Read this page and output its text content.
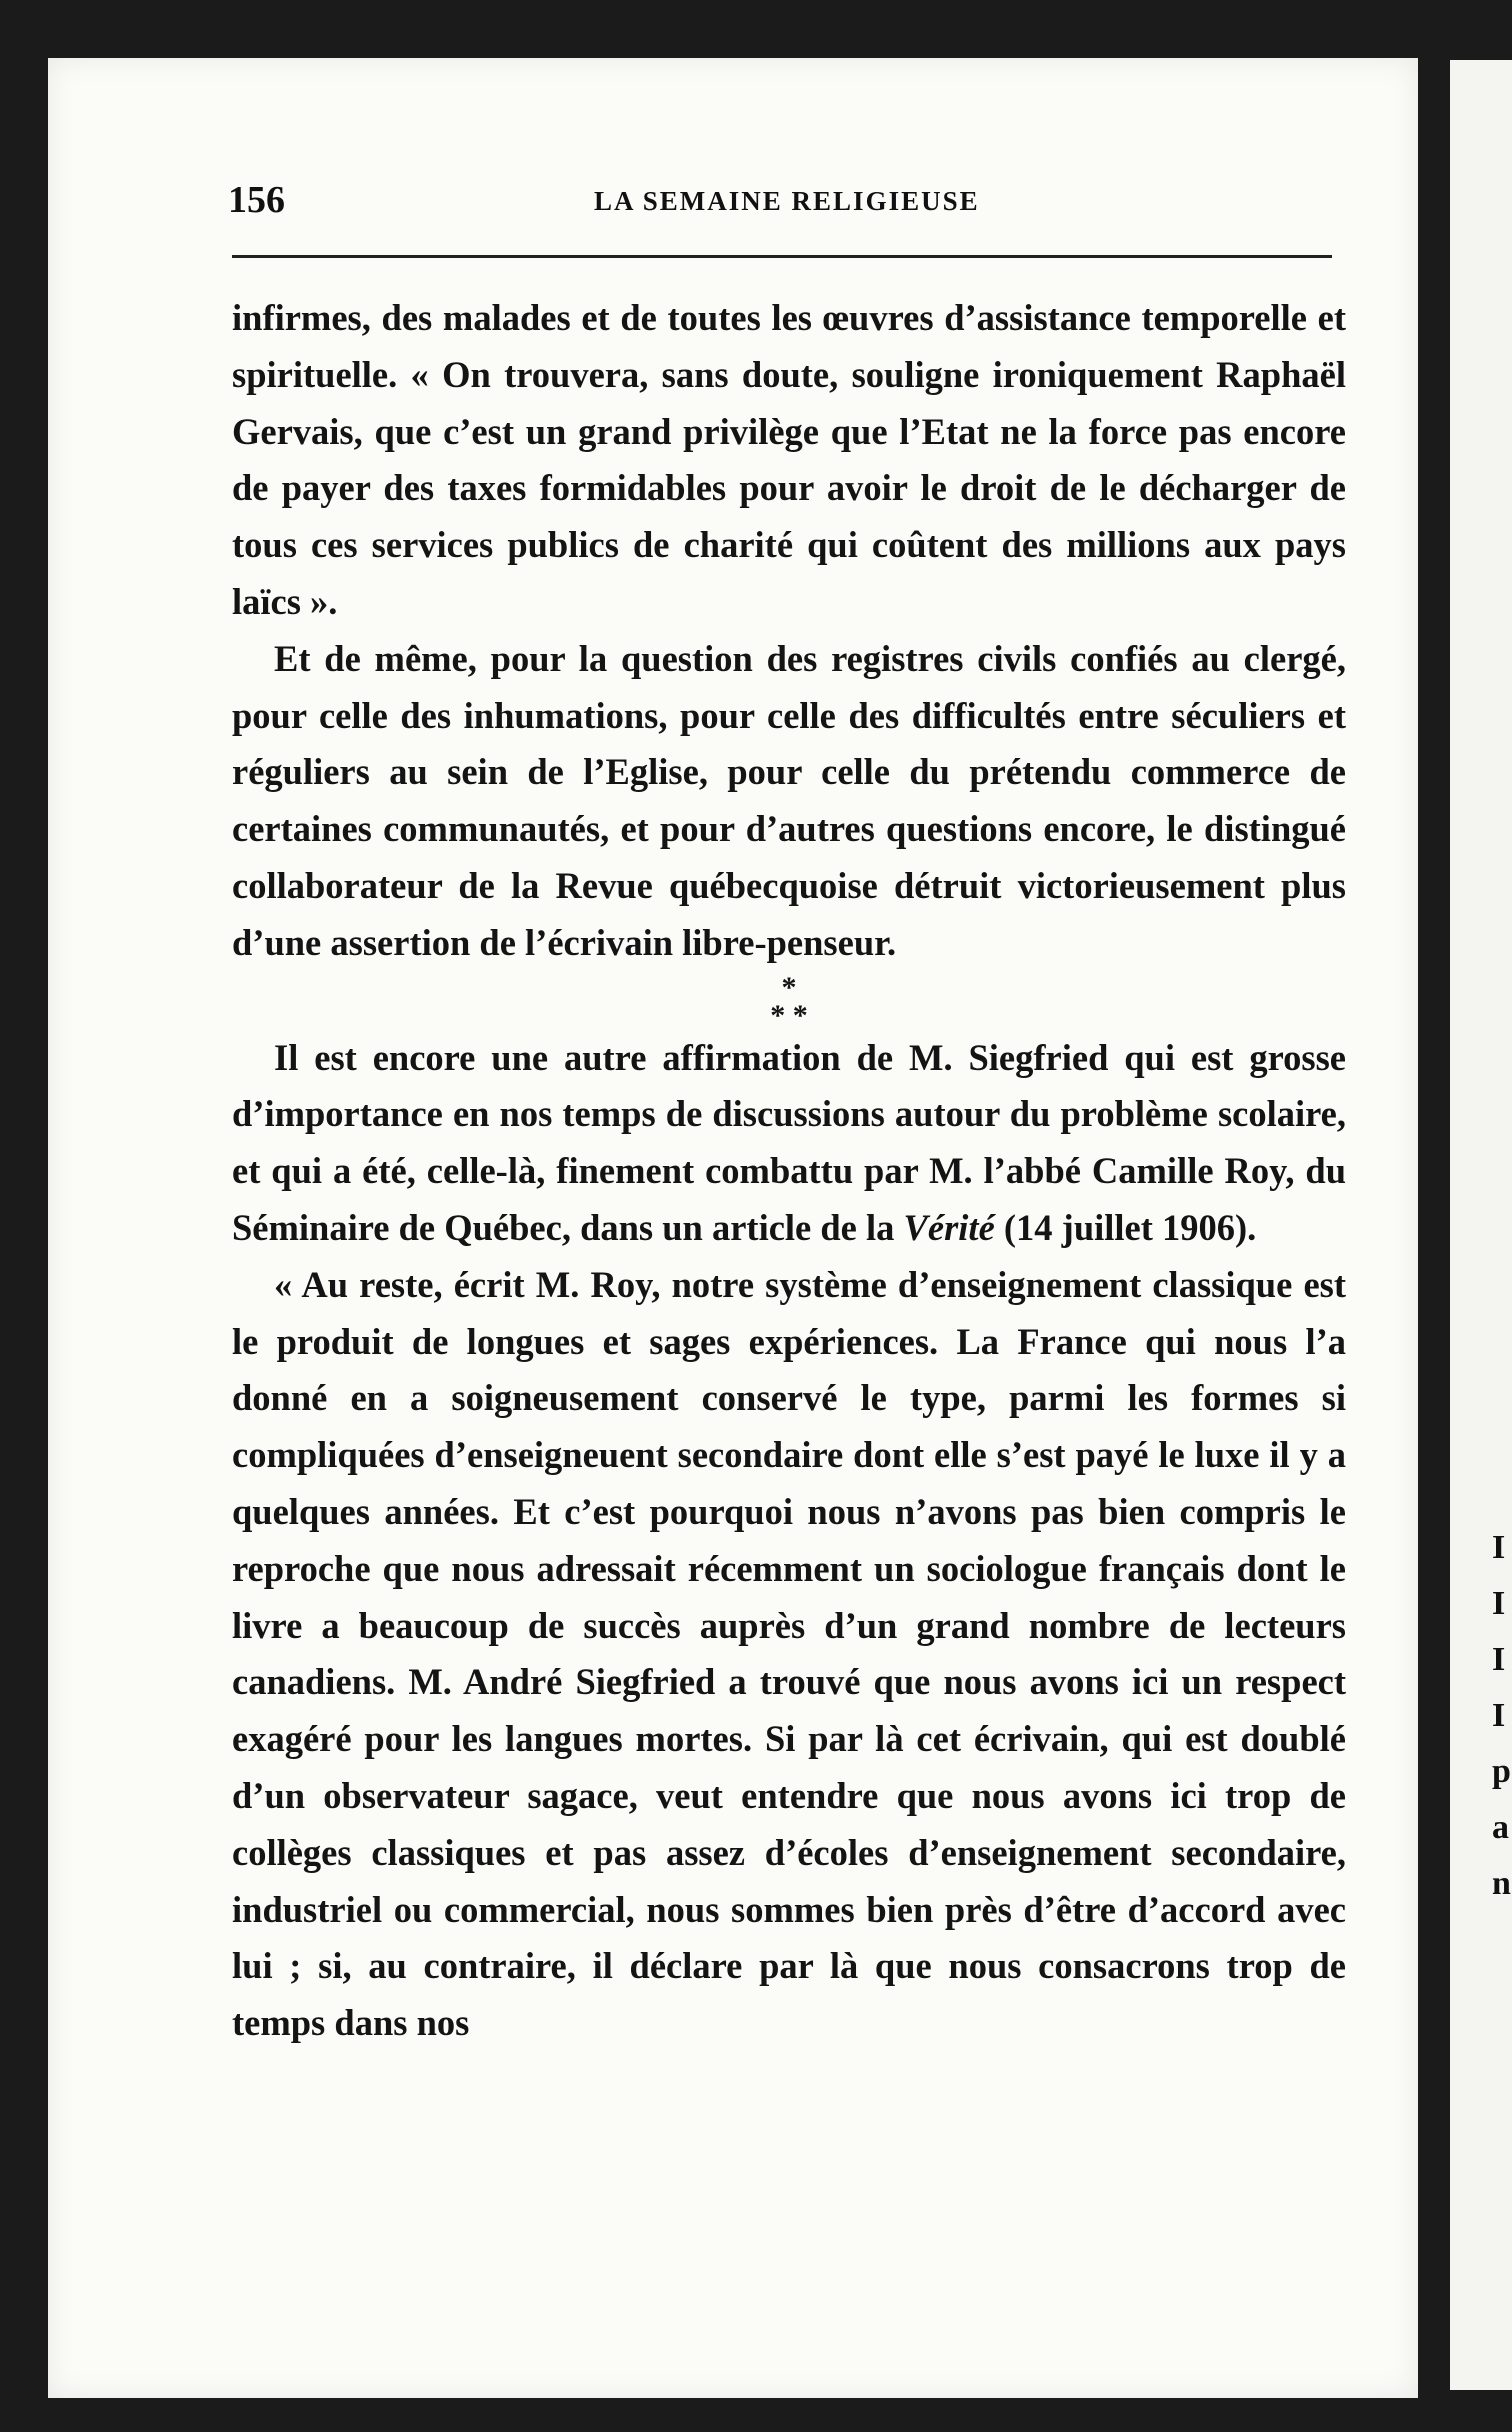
I
I
I
I
p
a
n
156	LA SEMAINE RELIGIEUSE

infirmes, des malades et de toutes les œuvres d’assistance temporelle et spirituelle. « On trouvera, sans doute, souligne ironiquement Raphaël Gervais, que c’est un grand privilège que l’Etat ne la force pas encore de payer des taxes formidables pour avoir le droit de le décharger de tous ces services publics de charité qui coûtent des millions aux pays laïcs ».

Et de même, pour la question des registres civils confiés au clergé, pour celle des inhumations, pour celle des difficultés entre séculiers et réguliers au sein de l’Eglise, pour celle du prétendu commerce de certaines communautés, et pour d’autres questions encore, le distingué collaborateur de la Revue québecquoise détruit victorieusement plus d’une assertion de l’écrivain libre-penseur.

*
* *

Il est encore une autre affirmation de M. Siegfried qui est grosse d’importance en nos temps de discussions autour du problème scolaire, et qui a été, celle-là, finement combattu par M. l’abbé Camille Roy, du Séminaire de Québec, dans un article de la Vérité (14 juillet 1906).

« Au reste, écrit M. Roy, notre système d’enseignement classique est le produit de longues et sages expériences. La France qui nous l’a donné en a soigneusement conservé le type, parmi les formes si compliquées d’enseigneuent secondaire dont elle s’est payé le luxe il y a quelques années. Et c’est pourquoi nous n’avons pas bien compris le reproche que nous adressait récemment un sociologue français dont le livre a beaucoup de succès auprès d’un grand nombre de lecteurs canadiens. M. André Siegfried a trouvé que nous avons ici un respect exagéré pour les langues mortes. Si par là cet écrivain, qui est doublé d’un observateur sagace, veut entendre que nous avons ici trop de collèges classiques et pas assez d’écoles d’enseignement secondaire, industriel ou commercial, nous sommes bien près d’être d’accord avec lui ; si, au contraire, il déclare par là que nous consacrons trop de temps dans nos
